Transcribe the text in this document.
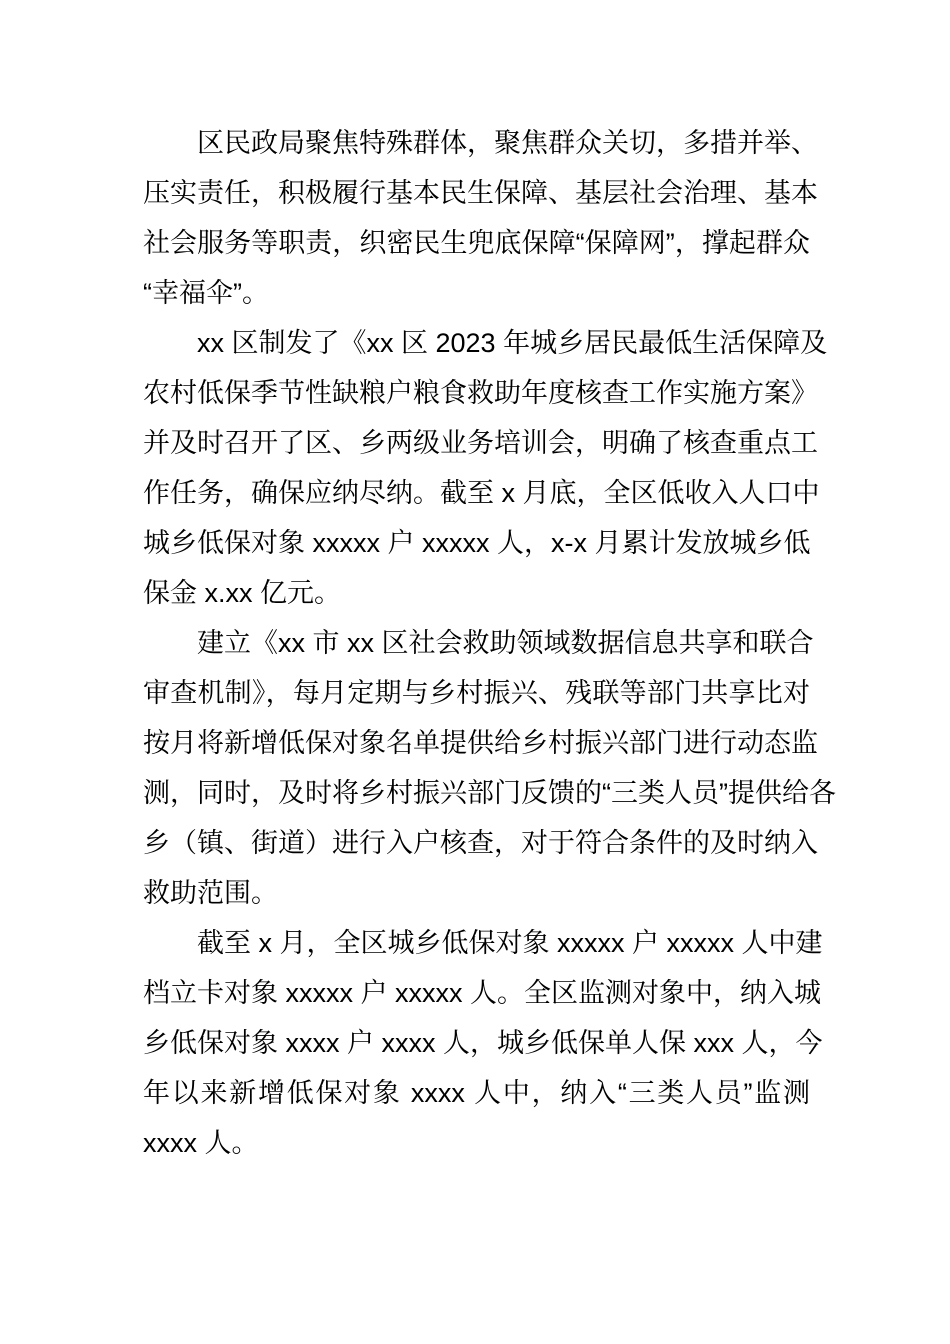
区民政局聚焦特殊群体，聚焦群众关切，多措并举、
压实责任，积极履行基本民生保障、基层社会治理、基本
社会服务等职责，织密民生兜底保障“保障网”，撑起群众
“幸福伞”。
xx 区制发了《xx 区 2023 年城乡居民最低生活保障及
农村低保季节性缺粮户粮食救助年度核查工作实施方案》
并及时召开了区、乡两级业务培训会，明确了核查重点工
作任务，确保应纳尽纳。截至 x 月底，全区低收入人口中
城乡低保对象 xxxxx 户 xxxxx 人，x-x 月累计发放城乡低
保金 x.xx 亿元。
建立《xx 市 xx 区社会救助领域数据信息共享和联合
审查机制》，每月定期与乡村振兴、残联等部门共享比对
按月将新增低保对象名单提供给乡村振兴部门进行动态监
测，同时，及时将乡村振兴部门反馈的“三类人员”提供给各
乡（镇、街道）进行入户核查，对于符合条件的及时纳入
救助范围。
截至 x 月，全区城乡低保对象 xxxxx 户 xxxxx 人中建
档立卡对象 xxxxx 户 xxxxx 人。全区监测对象中，纳入城
乡低保对象 xxxx 户 xxxx 人，城乡低保单人保 xxx 人，今
年以来新增低保对象 xxxx 人中，纳入“三类人员”监测
xxxx 人。
